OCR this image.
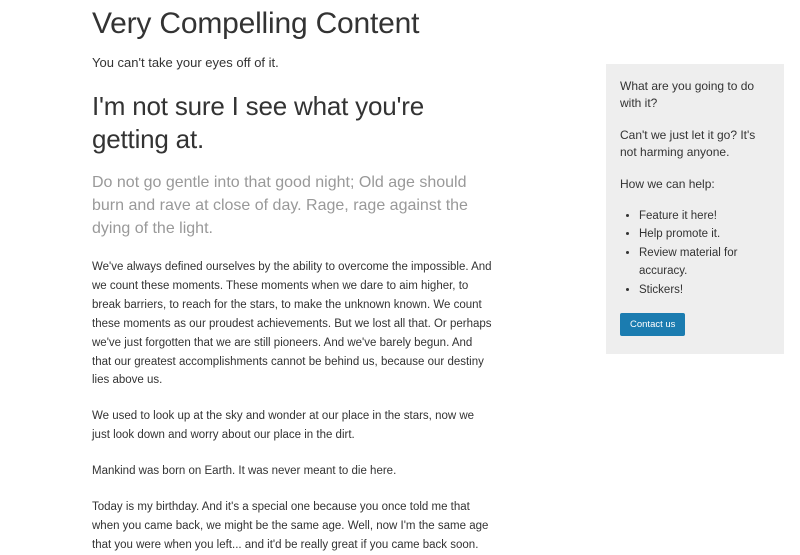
Very Compelling Content

You can't take your eyes off of it.

I'm not sure I see what you're getting at.

Do not go gentle into that good night; Old age should burn and rave at close of day. Rage, rage against the dying of the light.

We've always defined ourselves by the ability to overcome the impossible. And we count these moments. These moments when we dare to aim higher, to break barriers, to reach for the stars, to make the unknown known. We count these moments as our proudest achievements. But we lost all that. Or perhaps we've just forgotten that we are still pioneers. And we've barely begun. And that our greatest accomplishments cannot be behind us, because our destiny lies above us.

We used to look up at the sky and wonder at our place in the stars, now we just look down and worry about our place in the dirt.

Mankind was born on Earth. It was never meant to die here.

Today is my birthday. And it's a special one because you once told me that when you came back, we might be the same age. Well, now I'm the same age that you were when you left... and it'd be really great if you came back soon.

What are you going to do with it?

Can't we just let it go? It's not harming anyone.

How we can help:

• Feature it here!
• Help promote it.
• Review material for accuracy.
• Stickers!
Contact us
